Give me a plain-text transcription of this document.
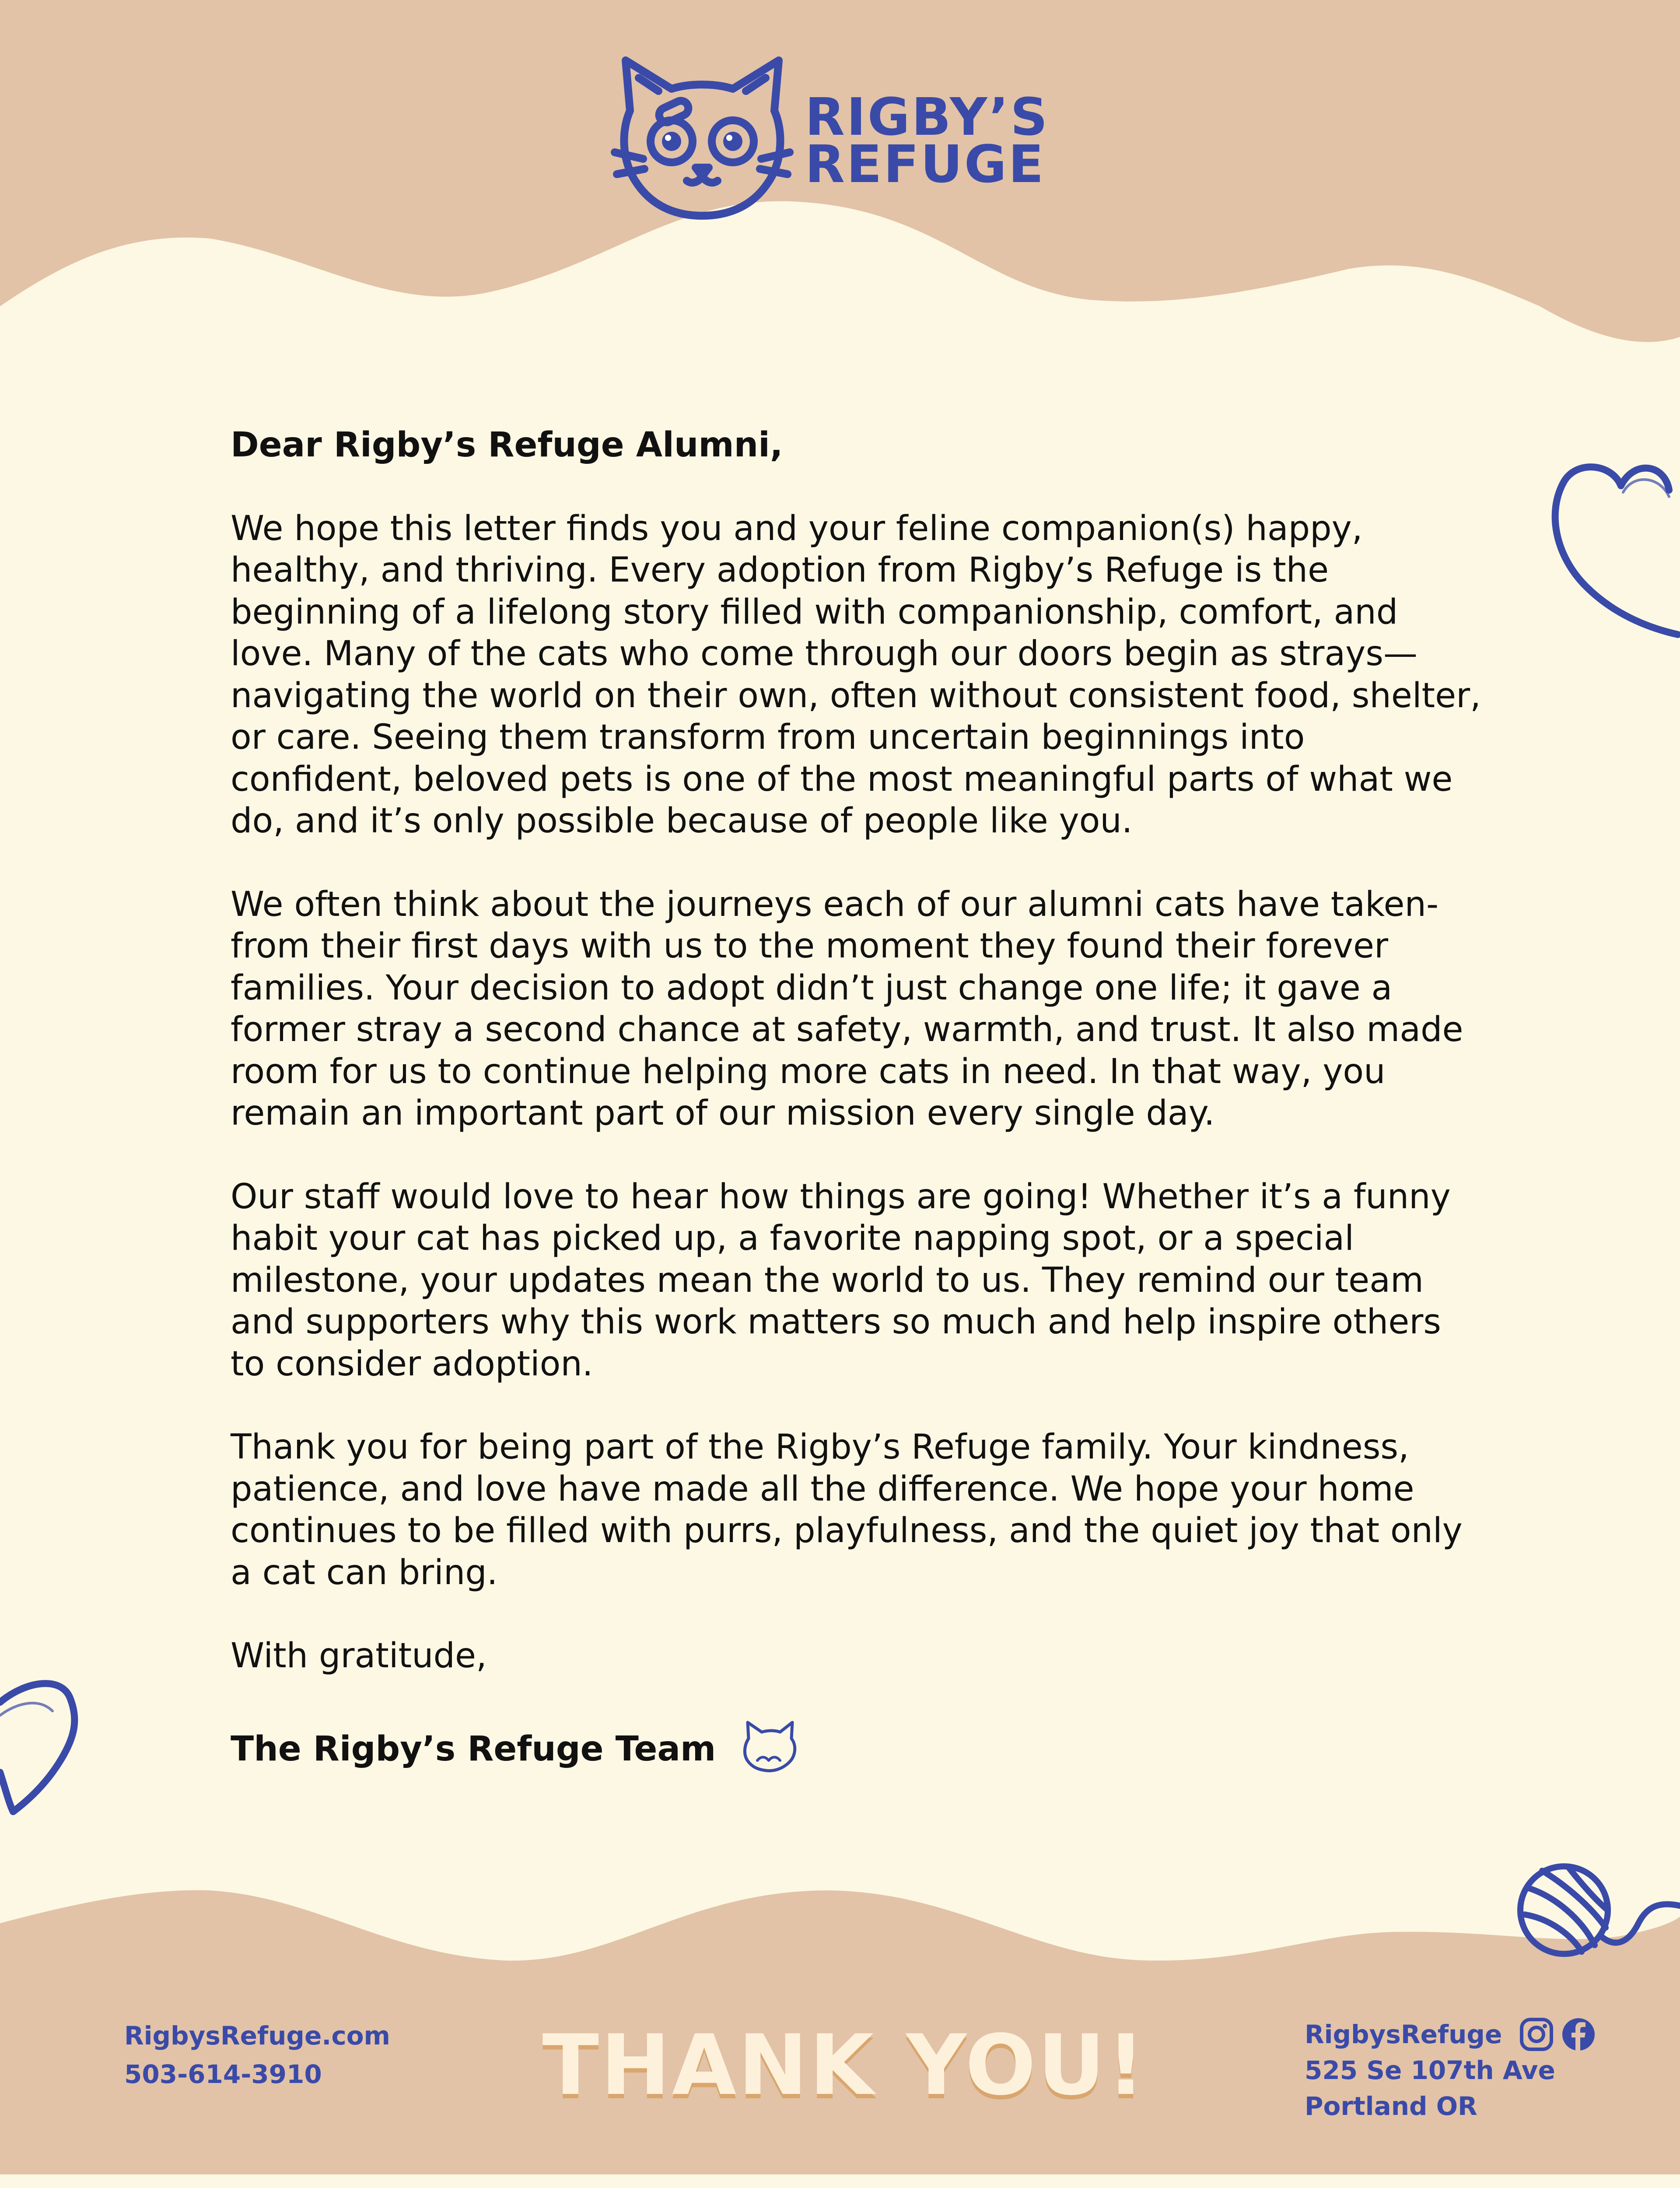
RIGBY’S
REFUGE

Dear Rigby’s Refuge Alumni,

We hope this letter finds you and your feline companion(s) happy, healthy, and thriving. Every adoption from Rigby’s Refuge is the beginning of a lifelong story filled with companionship, comfort, and love. Many of the cats who come through our doors begin as strays—navigating the world on their own, often without consistent food, shelter, or care. Seeing them transform from uncertain beginnings into confident, beloved pets is one of the most meaningful parts of what we do, and it’s only possible because of people like you.

We often think about the journeys each of our alumni cats have taken-from their first days with us to the moment they found their forever families. Your decision to adopt didn’t just change one life; it gave a former stray a second chance at safety, warmth, and trust. It also made room for us to continue helping more cats in need. In that way, you remain an important part of our mission every single day.

Our staff would love to hear how things are going! Whether it’s a funny habit your cat has picked up, a favorite napping spot, or a special milestone, your updates mean the world to us. They remind our team and supporters why this work matters so much and help inspire others to consider adoption.

Thank you for being part of the Rigby’s Refuge family. Your kindness, patience, and love have made all the difference. We hope your home continues to be filled with purrs, playfulness, and the quiet joy that only a cat can bring.

With gratitude,

The Rigby’s Refuge Team
RigbysRefuge.com
503-614-3910	THANK YOU!	RigbysRefuge
525 Se 107th Ave
Portland OR
